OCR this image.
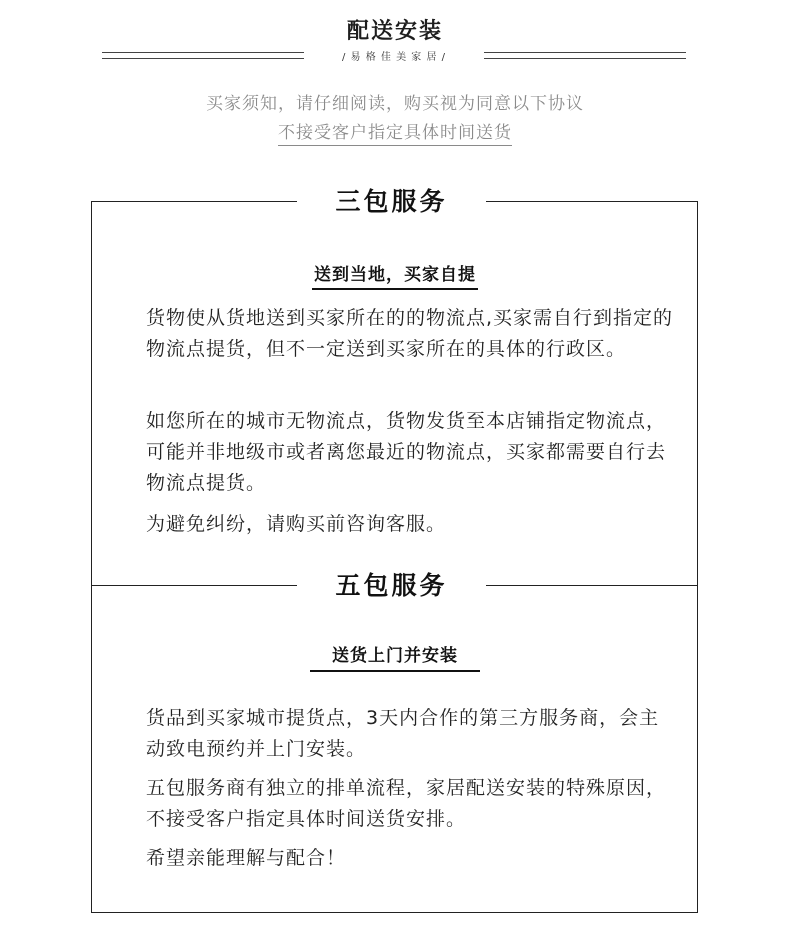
配送安装
/ 易 格 佳 美 家 居 /
买家须知，请仔细阅读，购买视为同意以下协议
不接受客户指定具体时间送货
三包服务
送到当地，买家自提

货物使从货地送到买家所在的的物流点,买家需自行到指定的物流点提货，但不一定送到买家所在的具体的行政区。

如您所在的城市无物流点，货物发货至本店铺指定物流点，可能并非地级市或者离您最近的物流点，买家都需要自行去物流点提货。

为避免纠纷，请购买前咨询客服。

五包服务
送货上门并安装

货品到买家城市提货点，3天内合作的第三方服务商，会主动致电预约并上门安装。

五包服务商有独立的排单流程，家居配送安装的特殊原因，不接受客户指定具体时间送货安排。

希望亲能理解与配合！
